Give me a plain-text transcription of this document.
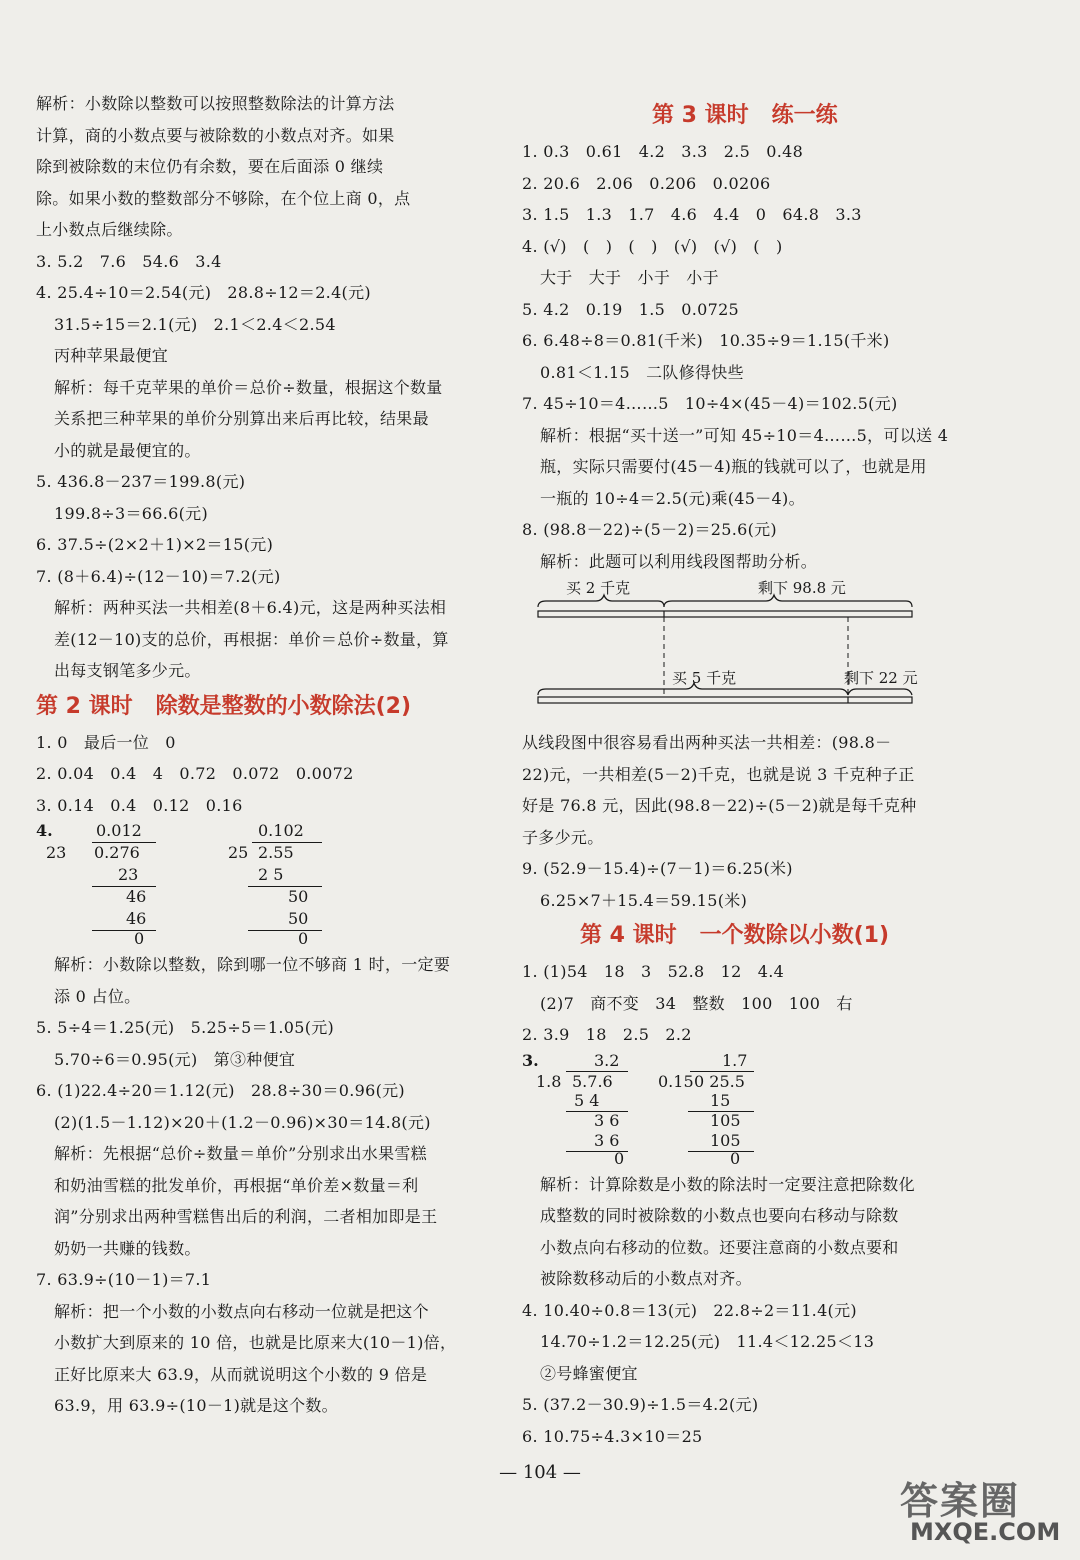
解析：小数除以整数可以按照整数除法的计算方法
计算，商的小数点要与被除数的小数点对齐。如果
除到被除数的末位仍有余数，要在后面添 0 继续
除。如果小数的整数部分不够除，在个位上商 0，点
上小数点后继续除。
3. 5.2   7.6   54.6   3.4
4. 25.4÷10＝2.54(元)   28.8÷12＝2.4(元)
31.5÷15＝2.1(元)   2.1＜2.4＜2.54
丙种苹果最便宜
解析：每千克苹果的单价＝总价÷数量，根据这个数量
关系把三种苹果的单价分别算出来后再比较，结果最
小的就是最便宜的。
5. 436.8－237＝199.8(元)
199.8÷3＝66.6(元)
6. 37.5÷(2×2＋1)×2＝15(元)
7. (8＋6.4)÷(12－10)＝7.2(元)
解析：两种买法一共相差(8＋6.4)元，这是两种买法相
差(12－10)支的总价，再根据：单价＝总价÷数量，算
出每支钢笔多少元。
第 2 课时   除数是整数的小数除法(2)
1. 0   最后一位   0
2. 0.04   0.4   4   0.72   0.072   0.0072
3. 0.14   0.4   0.12   0.16
4.	0.012
23 0.276
23
46
46
0
0.102
25 2.55
2 5
50
50
0
解析：小数除以整数，除到哪一位不够商 1 时，一定要
添 0 占位。
5. 5÷4＝1.25(元)   5.25÷5＝1.05(元)
5.70÷6＝0.95(元)   第③种便宜
6. (1)22.4÷20＝1.12(元)   28.8÷30＝0.96(元)
(2)(1.5－1.12)×20＋(1.2－0.96)×30＝14.8(元)
解析：先根据“总价÷数量＝单价”分别求出水果雪糕
和奶油雪糕的批发单价，再根据“单价差×数量＝利
润”分别求出两种雪糕售出后的利润，二者相加即是王
奶奶一共赚的钱数。
7. 63.9÷(10－1)＝7.1
解析：把一个小数的小数点向右移动一位就是把这个
小数扩大到原来的 10 倍，也就是比原来大(10－1)倍，
正好比原来大 63.9，从而就说明这个小数的 9 倍是
63.9，用 63.9÷(10－1)就是这个数。
第 3 课时   练一练
1. 0.3   0.61   4.2   3.3   2.5   0.48
2. 20.6   2.06   0.206   0.0206
3. 1.5   1.3   1.7   4.6   4.4   0   64.8   3.3
4. (√)   (   )   (   )   (√)   (√)   (   )
大于   大于   小于   小于
5. 4.2   0.19   1.5   0.0725
6. 6.48÷8＝0.81(千米)   10.35÷9＝1.15(千米)
0.81＜1.15   二队修得快些
7. 45÷10＝4……5   10÷4×(45－4)＝102.5(元)
解析：根据“买十送一”可知 45÷10＝4……5，可以送 4
瓶，实际只需要付(45－4)瓶的钱就可以了，也就是用
一瓶的 10÷4＝2.5(元)乘(45－4)。
8. (98.8－22)÷(5－2)＝25.6(元)
解析：此题可以利用线段图帮助分析。
买 2 千克	剩下 98.8 元
买 5 千克	剩下 22 元
从线段图中很容易看出两种买法一共相差：(98.8－
22)元，一共相差(5－2)千克，也就是说 3 千克种子正
好是 76.8 元，因此(98.8－22)÷(5－2)就是每千克种
子多少元。
9. (52.9－15.4)÷(7－1)＝6.25(米)
6.25×7＋15.4＝59.15(米)
第 4 课时   一个数除以小数(1)
1. (1)54   18   3   52.8   12   4.4
(2)7   商不变   34   整数   100   100   右
2. 3.9   18   2.5   2.2
3.	3.2
1.8 5.7.6
5 4
3 6
3 6
0
1.7
0.15 0 25.5
15
105
105
0
解析：计算除数是小数的除法时一定要注意把除数化
成整数的同时被除数的小数点也要向右移动与除数
小数点向右移动的位数。还要注意商的小数点要和
被除数移动后的小数点对齐。
4. 10.40÷0.8＝13(元)   22.8÷2＝11.4(元)
14.70÷1.2＝12.25(元)   11.4＜12.25＜13
②号蜂蜜便宜
5. (37.2－30.9)÷1.5＝4.2(元)
6. 10.75÷4.3×10＝25
— 104 —
答案圈
MXQE.COM
